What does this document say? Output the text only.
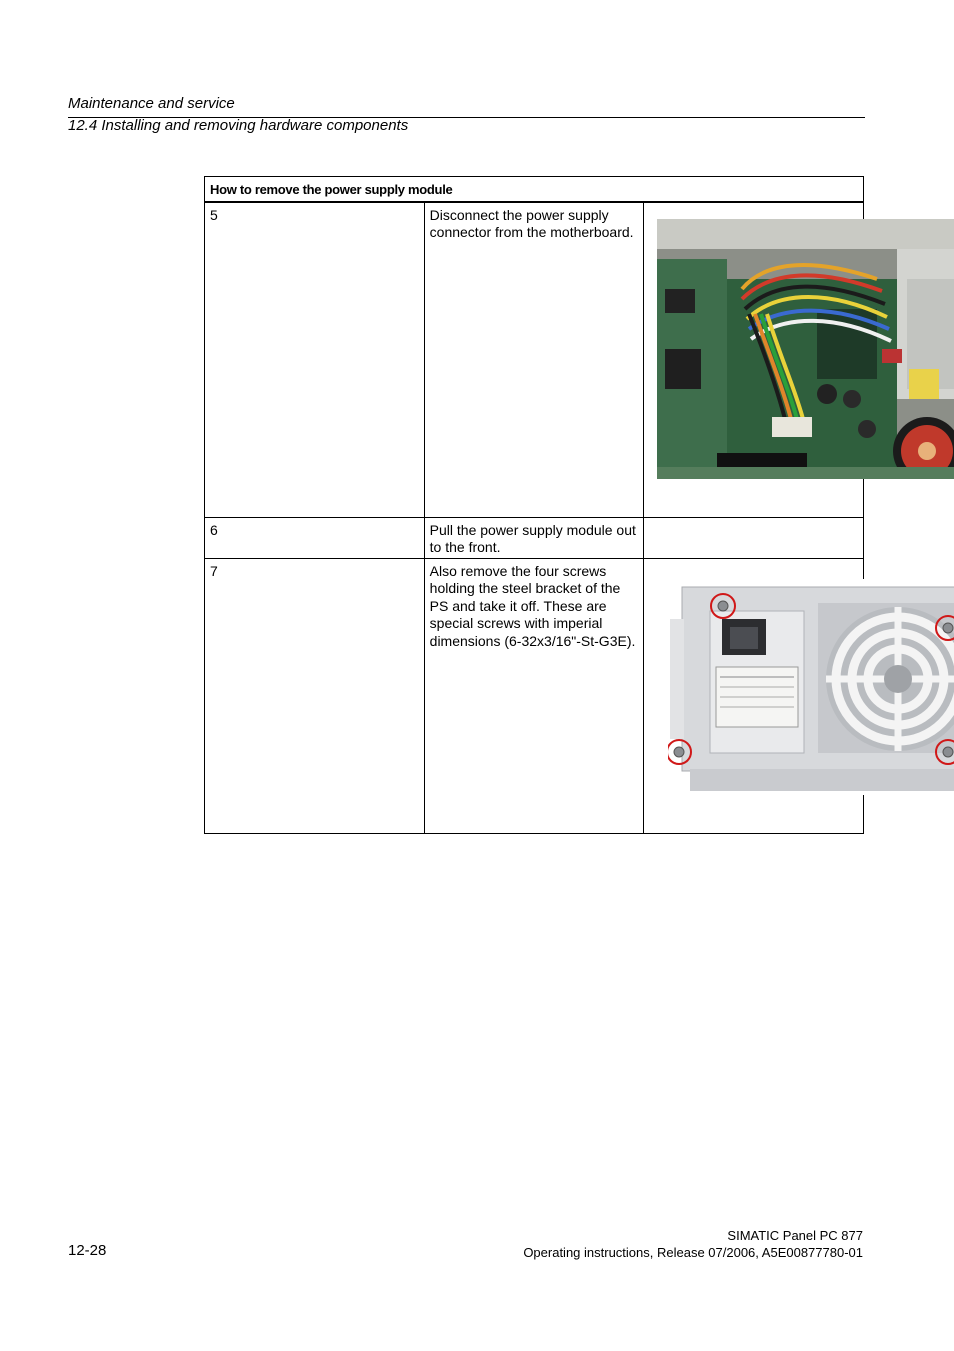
Maintenance and service
12.4 Installing and removing hardware components
How to remove the power supply module		
5	Disconnect the power supply connector from the motherboard.	

6	Pull the power supply module out to the front.	
7	Also remove the four screws holding the steel bracket of the PS and take it off. These are special screws with imperial dimensions (6-32x3/16"-St-G3E).	
SIMATIC Panel PC 877
12-28	Operating instructions, Release 07/2006, A5E00877780-01
